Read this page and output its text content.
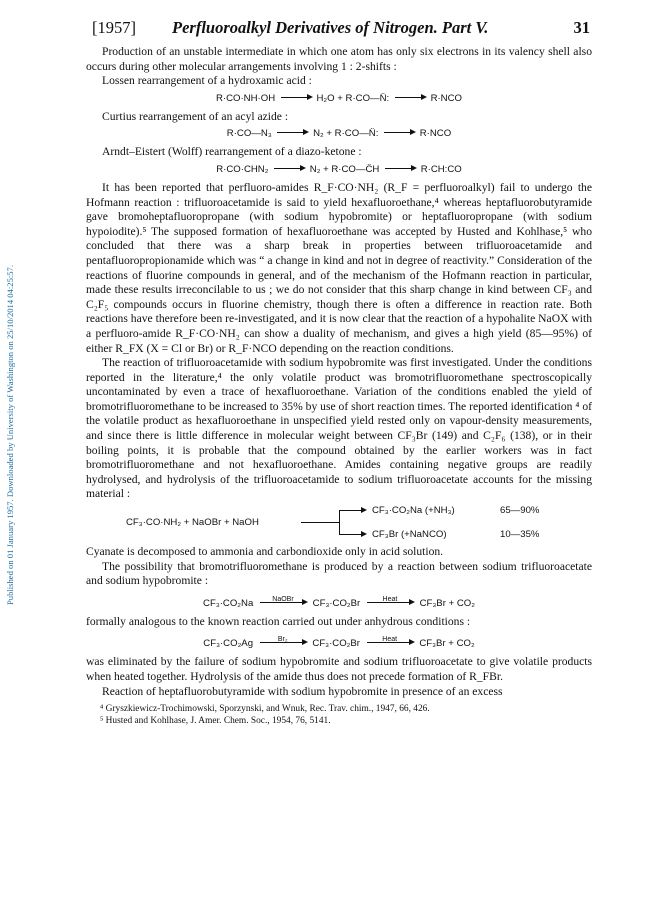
Published on 01 January 1957. Downloaded by University of Washington on 25/10/2014 04:25:57.
[1957] Perfluoroalkyl Derivatives of Nitrogen. Part V.	31

Production of an unstable intermediate in which one atom has only six electrons in its valency shell also occurs during other molecular arrangements involving 1 : 2-shifts :

Lossen rearrangement of a hydroxamic acid :

R·CO·NH·OH	H₂O + R·CO—N̈:	R·NCO

Curtius rearrangement of an acyl azide :

R·CO—N₃	N₂ + R·CO—N̈:	R·NCO

Arndt–Eistert (Wolff) rearrangement of a diazo-ketone :

R·CO·CHN₂	N₂ + R·CO—C̈H	R·CH:CO

It has been reported that perfluoro-amides R_F·CO·NH₂ (R_F = perfluoroalkyl) fail to undergo the Hofmann reaction : trifluoroacetamide is said to yield hexafluoroethane,⁴ whereas heptafluorobutyramide gave bromoheptafluoropropane (with sodium hypobromite) or heptafluoropropane (with sodium hypoiodite).⁵ The supposed formation of hexafluoroethane was accepted by Husted and Kohlhase,⁵ who concluded that there was a sharp break in properties between trifluoroacetamide and pentafluoropropionamide which was “ a change in kind and not in degree of reactivity.” Consideration of the reactions of fluorine compounds in general, and of the mechanism of the Hofmann reaction in particular, made these results irreconcilable to us ; we do not consider that this sharp change in kind between CF₃ and C₂F₅ compounds occurs in fluorine chemistry, though there is often a difference in reaction rate. Both reactions have therefore been re-investigated, and it is now clear that the reaction of a hypohalite NaOX with a perfluoro-amide R_F·CO·NH₂ can show a duality of mechanism, and gives a high yield (85—95%) of either R_FX (X = Cl or Br) or R_F·NCO depending on the reaction conditions.

The reaction of trifluoroacetamide with sodium hypobromite was first investigated. Under the conditions reported in the literature,⁴ the only volatile product was bromotrifluoromethane spectroscopically uncontaminated by even a trace of hexafluoroethane. Variation of the conditions enabled the yield of bromotrifluoromethane to be increased to 35% by use of short reaction times. The reported identification ⁴ of the volatile product as hexafluoroethane in unspecified yield rested only on vapour-density measurements, and since there is little difference in molecular weight between CF₃Br (149) and C₂F₆ (138), or in their boiling points, it is probable that the compound obtained by the earlier workers was in fact bromotrifluoromethane and not hexafluoroethane. Amides containing negative groups are readily hydrolysed, and hydrolysis of the trifluoroacetamide to sodium trifluoroacetate accounts for the missing material :

CF₃·CO·NH₂ + NaOBr + NaOH
CF₃·CO₂Na (+NH₃)	65—90%
CF₃Br (+NaNCO)	10—35%

Cyanate is decomposed to ammonia and carbondioxide only in acid solution.

The possibility that bromotrifluoromethane is produced by a reaction between sodium trifluoroacetate and sodium hypobromite :

CF₃·CO₂Na	NaOBr	CF₃·CO₂Br	Heat	CF₃Br + CO₂

formally analogous to the known reaction carried out under anhydrous conditions :

CF₃·CO₂Ag	Br₂	CF₃·CO₂Br	Heat	CF₃Br + CO₂

was eliminated by the failure of sodium hypobromite and sodium trifluoroacetate to give volatile products when heated together. Hydrolysis of the amide thus does not precede formation of R_FBr.

Reaction of heptafluorobutyramide with sodium hypobromite in presence of an excess

⁴ Gryszkiewicz-Trochimowski, Sporzynski, and Wnuk, Rec. Trav. chim., 1947, 66, 426.
⁵ Husted and Kohlhase, J. Amer. Chem. Soc., 1954, 76, 5141.
